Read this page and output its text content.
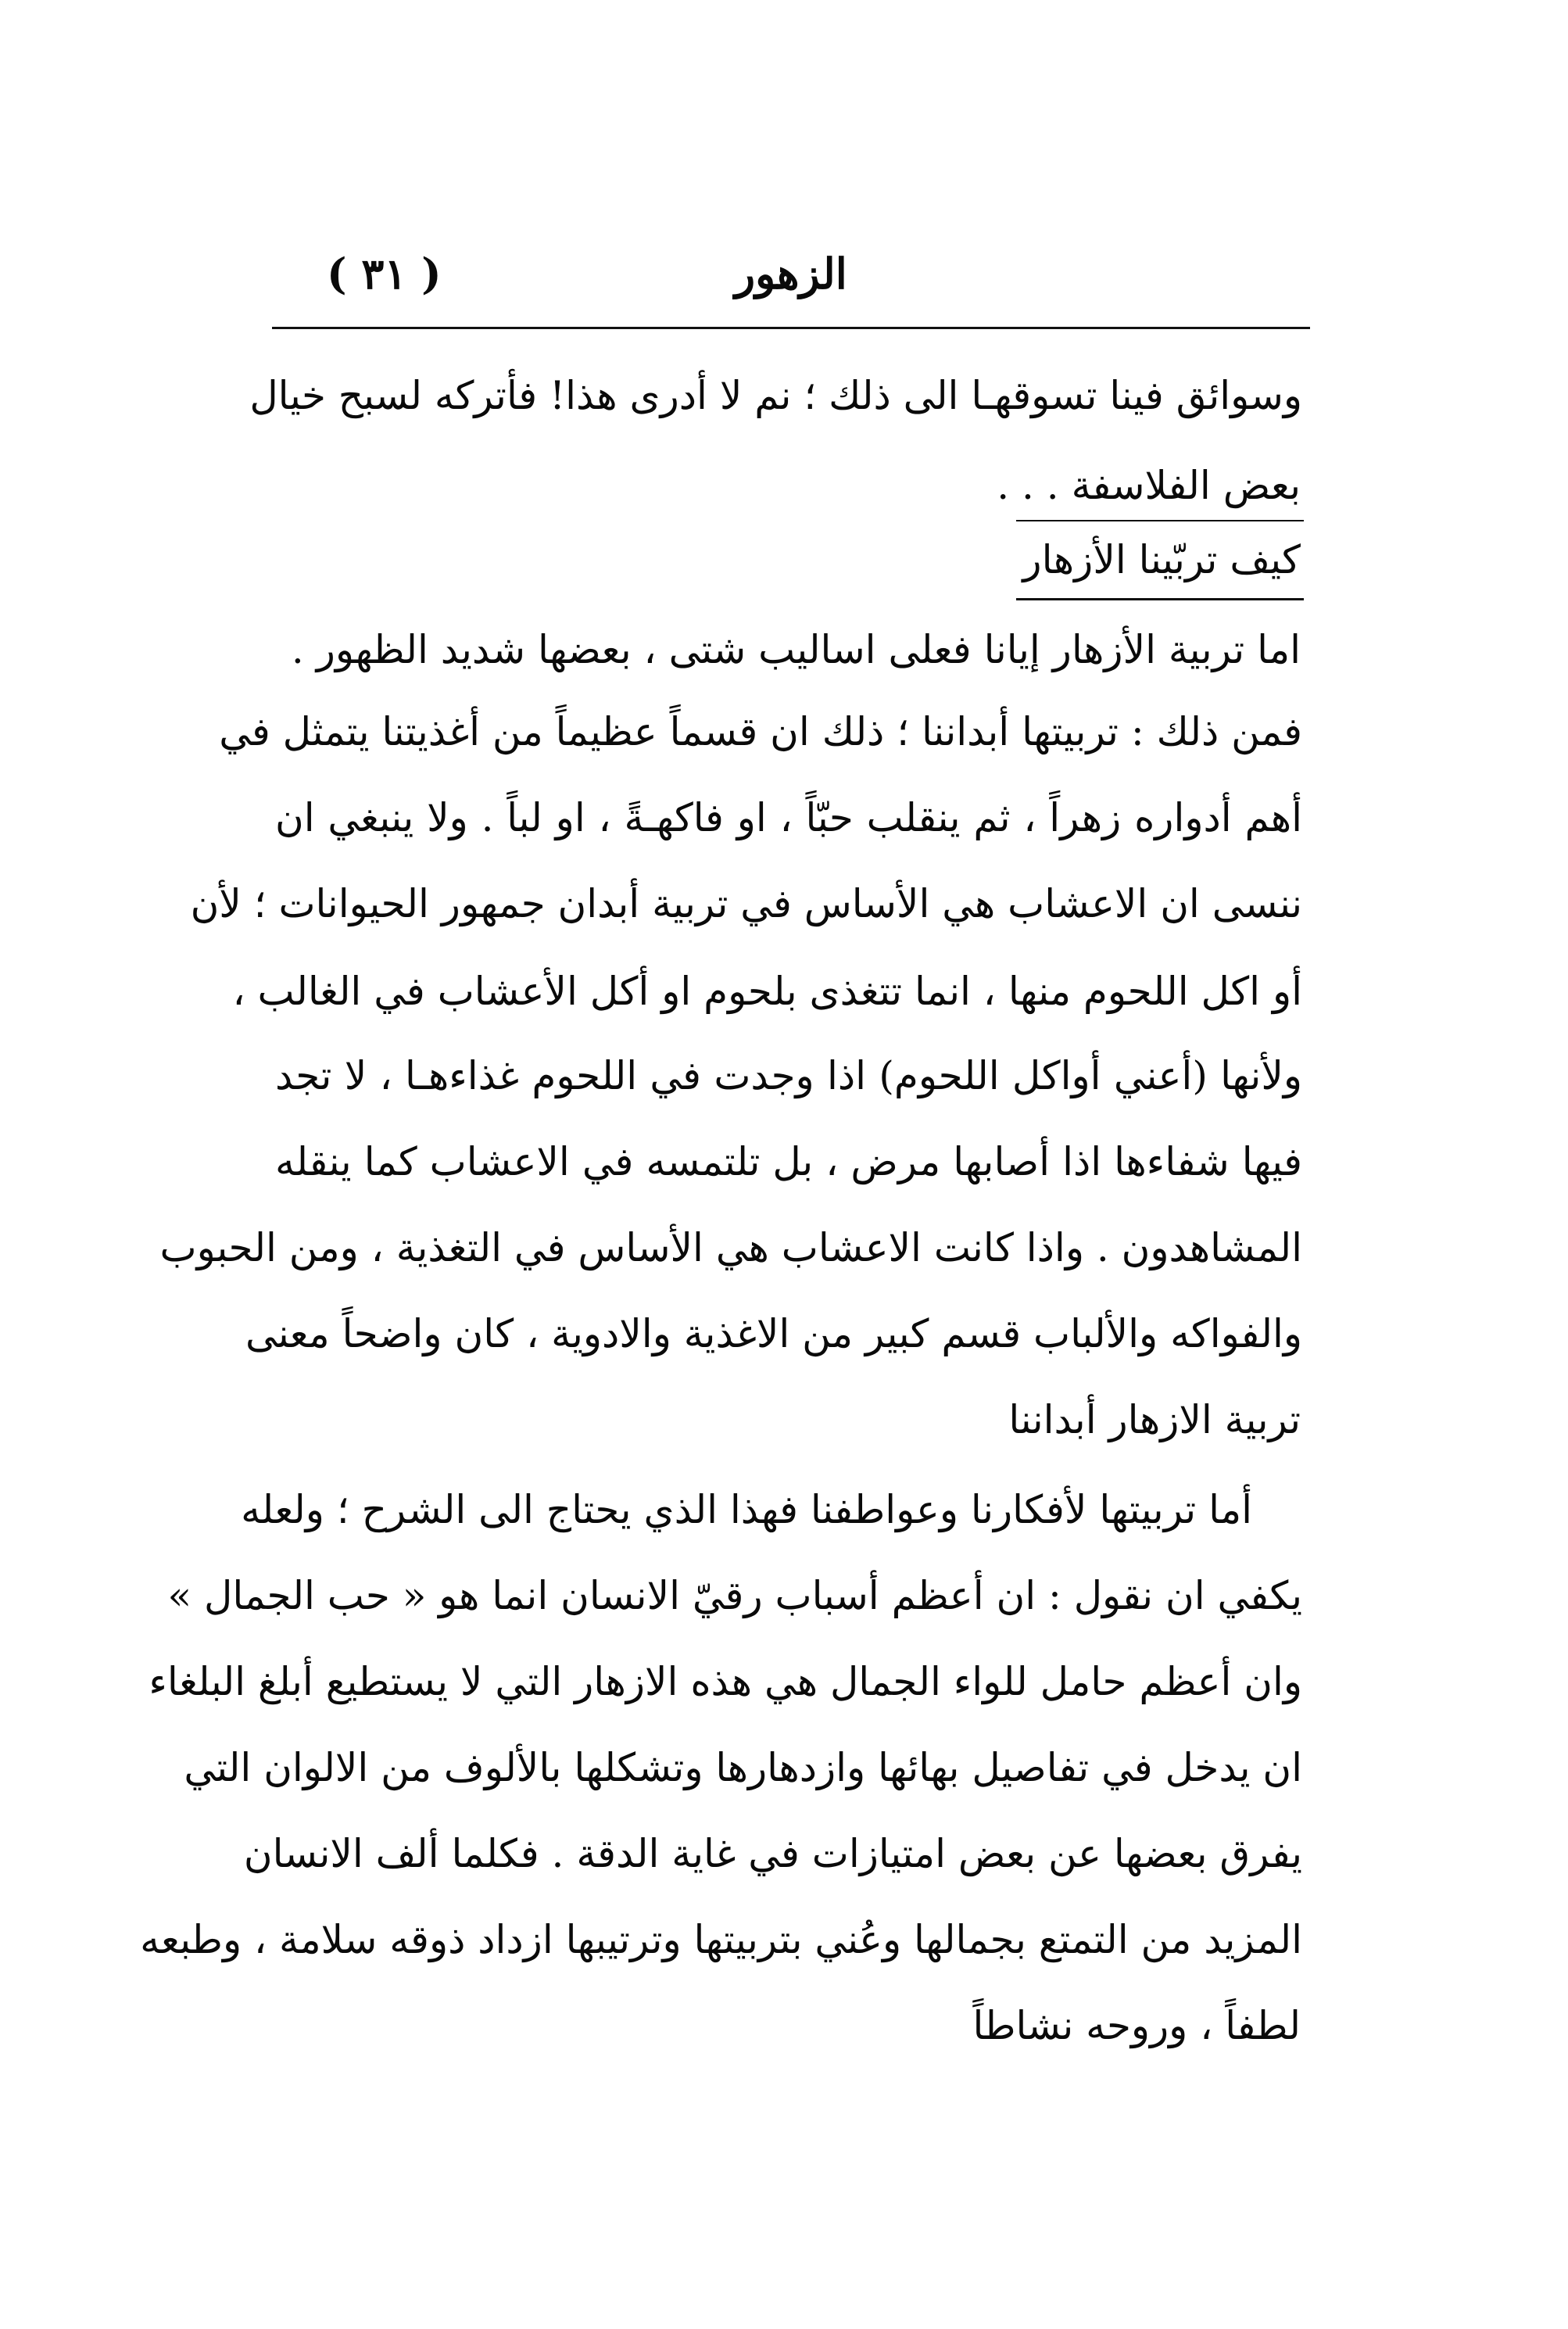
الزهور
( ٣١ )

وسوائق فينا تسوقهـا الى ذلك ؛ نم لا أدرى هذا! فأتركه لسبح خيال

بعض الفلاسفة . . .

كيف تربّينا الأزهار

اما تربية الأزهار إيانا فعلى اساليب شتى ، بعضها شديد الظهور .

فمن ذلك : تربيتها أبداننا ؛ ذلك ان قسماً عظيماً من أغذيتنا يتمثل في

أهم أدواره زهراً ، ثم ينقلب حبّاً ، او فاكهـةً ، او لباً . ولا ينبغي ان

ننسى ان الاعشاب هي الأساس في تربية أبدان جمهور الحيوانات ؛ لأن

أو اكل اللحوم منها ، انما تتغذى بلحوم او أكل الأعشاب في الغالب ،

ولأنها (أعني أواكل اللحوم) اذا وجدت في اللحوم غذاءهـا ، لا تجد

فيها شفاءها اذا أصابها مرض ، بل تلتمسه في الاعشاب كما ينقله

المشاهدون . واذا كانت الاعشاب هي الأساس في التغذية ، ومن الحبوب

والفواكه والألباب قسم كبير من الاغذية والادوية ، كان واضحاً معنى

تربية الازهار أبداننا

أما تربيتها لأفكارنا وعواطفنا فهذا الذي يحتاج الى الشرح ؛ ولعله

يكفي ان نقول : ان أعظم أسباب رقيّ الانسان انما هو « حب الجمال »

وان أعظم حامل للواء الجمال هي هذه الازهار التي لا يستطيع أبلغ البلغاء

ان يدخل في تفاصيل بهائها وازدهارها وتشكلها بالألوف من الالوان التي

يفرق بعضها عن بعض امتيازات في غاية الدقة . فكلما ألف الانسان

المزيد من التمتع بجمالها وعُني بتربيتها وترتيبها ازداد ذوقه سلامة ، وطبعه

لطفاً ، وروحه نشاطاً
